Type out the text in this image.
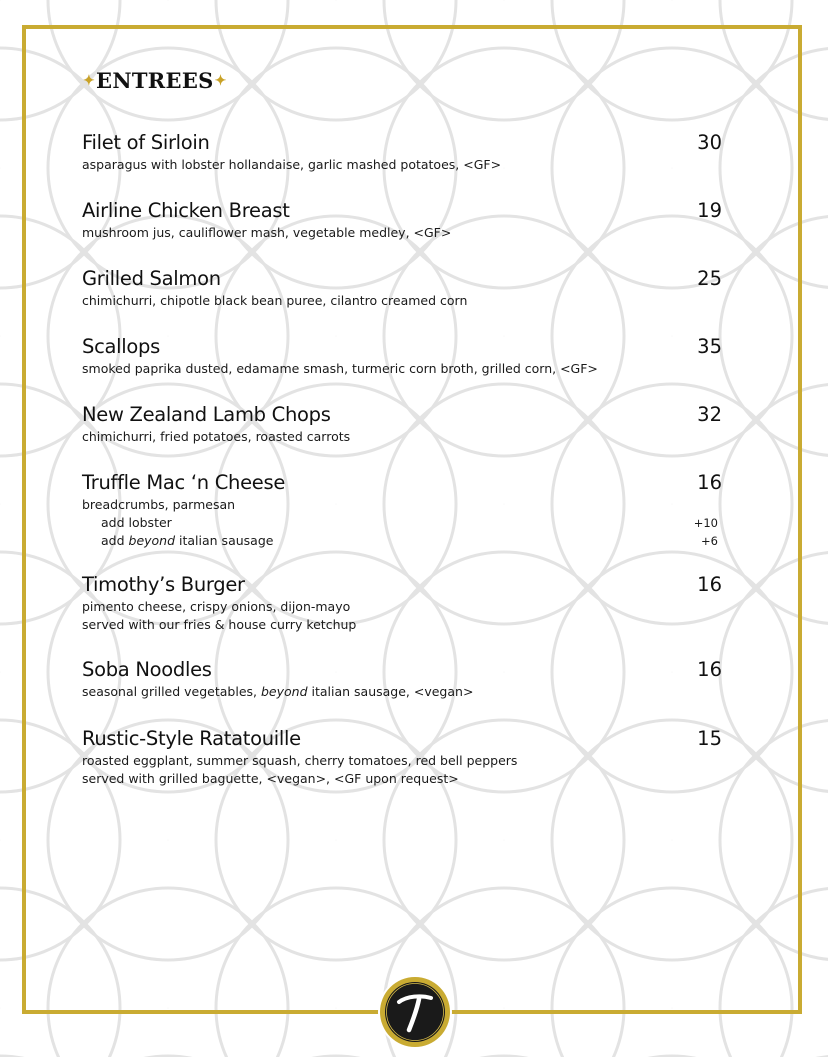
✦ ENTREES ✦
Filet of Sirloin	30
asparagus with lobster hollandaise, garlic mashed potatoes, <GF>
Airline Chicken Breast	19
mushroom jus, cauliflower mash, vegetable medley, <GF>
Grilled Salmon	25
chimichurri, chipotle black bean puree, cilantro creamed corn
Scallops	35
smoked paprika dusted, edamame smash, turmeric corn broth, grilled corn, <GF>
New Zealand Lamb Chops	32
chimichurri, fried potatoes, roasted carrots
Truffle Mac ‘n Cheese	16
breadcrumbs, parmesan
add lobster	+10
add beyond italian sausage	+6
Timothy’s Burger	16
pimento cheese, crispy onions, dijon-mayo
served with our fries & house curry ketchup
Soba Noodles	16
seasonal grilled vegetables, beyond italian sausage, <vegan>
Rustic-Style Ratatouille	15
roasted eggplant, summer squash, cherry tomatoes, red bell peppers
served with grilled baguette, <vegan>, <GF upon request>
